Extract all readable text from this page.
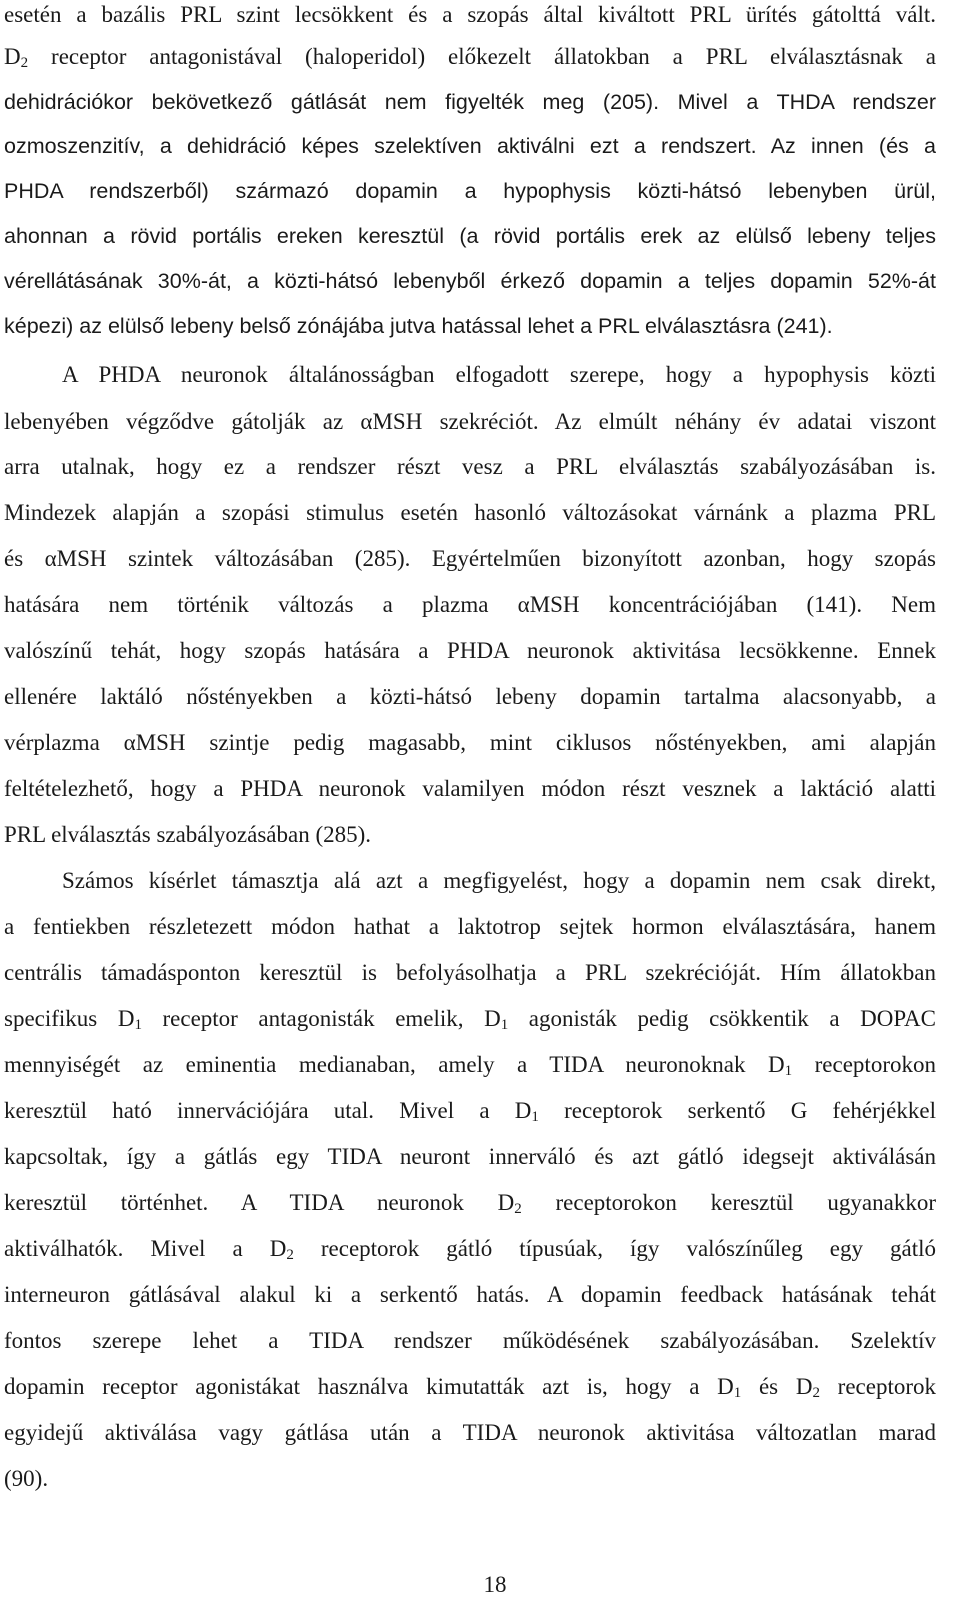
esetén a bazális PRL szint lecsökkent és a szopás által kiváltott PRL ürítés gátolttá vált.
$D_2$ receptor antagonistával (haloperidol) előkezelt állatokban a PRL elválasztásnak a
dehidrációkor bekövetkező gátlását nem figyelték meg (205). Mivel a THDA rendszer
ozmoszenzitív, a dehidráció képes szelektíven aktiválni ezt a rendszert. Az innen (és a
PHDA rendszerből) származó dopamin a hypophysis közti-hátsó lebenyben ürül,
ahonnan a rövid portális ereken keresztül (a rövid portális erek az elülső lebeny teljes
vérellátásának 30%-át, a közti-hátsó lebenyből érkező dopamin a teljes dopamin 52%-át
képezi) az elülső lebeny belső zónájába jutva hatással lehet a PRL elválasztásra (241).
A PHDA neuronok általánosságban elfogadott szerepe, hogy a hypophysis közti
lebenyében végződve gátolják az αMSH szekréciót. Az elmúlt néhány év adatai viszont
arra utalnak, hogy ez a rendszer részt vesz a PRL elválasztás szabályozásában is.
Mindezek alapján a szopási stimulus esetén hasonló változásokat várnánk a plazma PRL
és αMSH szintek változásában (285). Egyértelműen bizonyított azonban, hogy szopás
hatására nem történik változás a plazma αMSH koncentrációjában (141). Nem
valószínű tehát, hogy szopás hatására a PHDA neuronok aktivitása lecsökkenne. Ennek
ellenére laktáló nőstényekben a közti-hátsó lebeny dopamin tartalma alacsonyabb, a
vérplazma αMSH szintje pedig magasabb, mint ciklusos nőstényekben, ami alapján
feltételezhető, hogy a PHDA neuronok valamilyen módon részt vesznek a laktáció alatti
PRL elválasztás szabályozásában (285).
Számos kísérlet támasztja alá azt a megfigyelést, hogy a dopamin nem csak direkt,
a fentiekben részletezett módon hathat a laktotrop sejtek hormon elválasztására, hanem
centrális támadásponton keresztül is befolyásolhatja a PRL szekrécióját. Hím állatokban
specifikus $D_1$ receptor antagonisták emelik, $D_1$ agonisták pedig csökkentik a DOPAC
mennyiségét az eminentia medianaban, amely a TIDA neuronoknak $D_1$ receptorokon
keresztül ható innervációjára utal. Mivel a $D_1$ receptorok serkentő G fehérjékkel
kapcsoltak, így a gátlás egy TIDA neuront innerváló és azt gátló idegsejt aktiválásán
keresztül történhet. A TIDA neuronok $D_2$ receptorokon keresztül ugyanakkor
aktiválhatók. Mivel a $D_2$ receptorok gátló típusúak, így valószínűleg egy gátló
interneuron gátlásával alakul ki a serkentő hatás. A dopamin feedback hatásának tehát
fontos szerepe lehet a TIDA rendszer működésének szabályozásában. Szelektív
dopamin receptor agonistákat használva kimutatták azt is, hogy a $D_1$ és $D_2$ receptorok
egyidejű aktiválása vagy gátlása után a TIDA neuronok aktivitása változatlan marad
(90).
18
